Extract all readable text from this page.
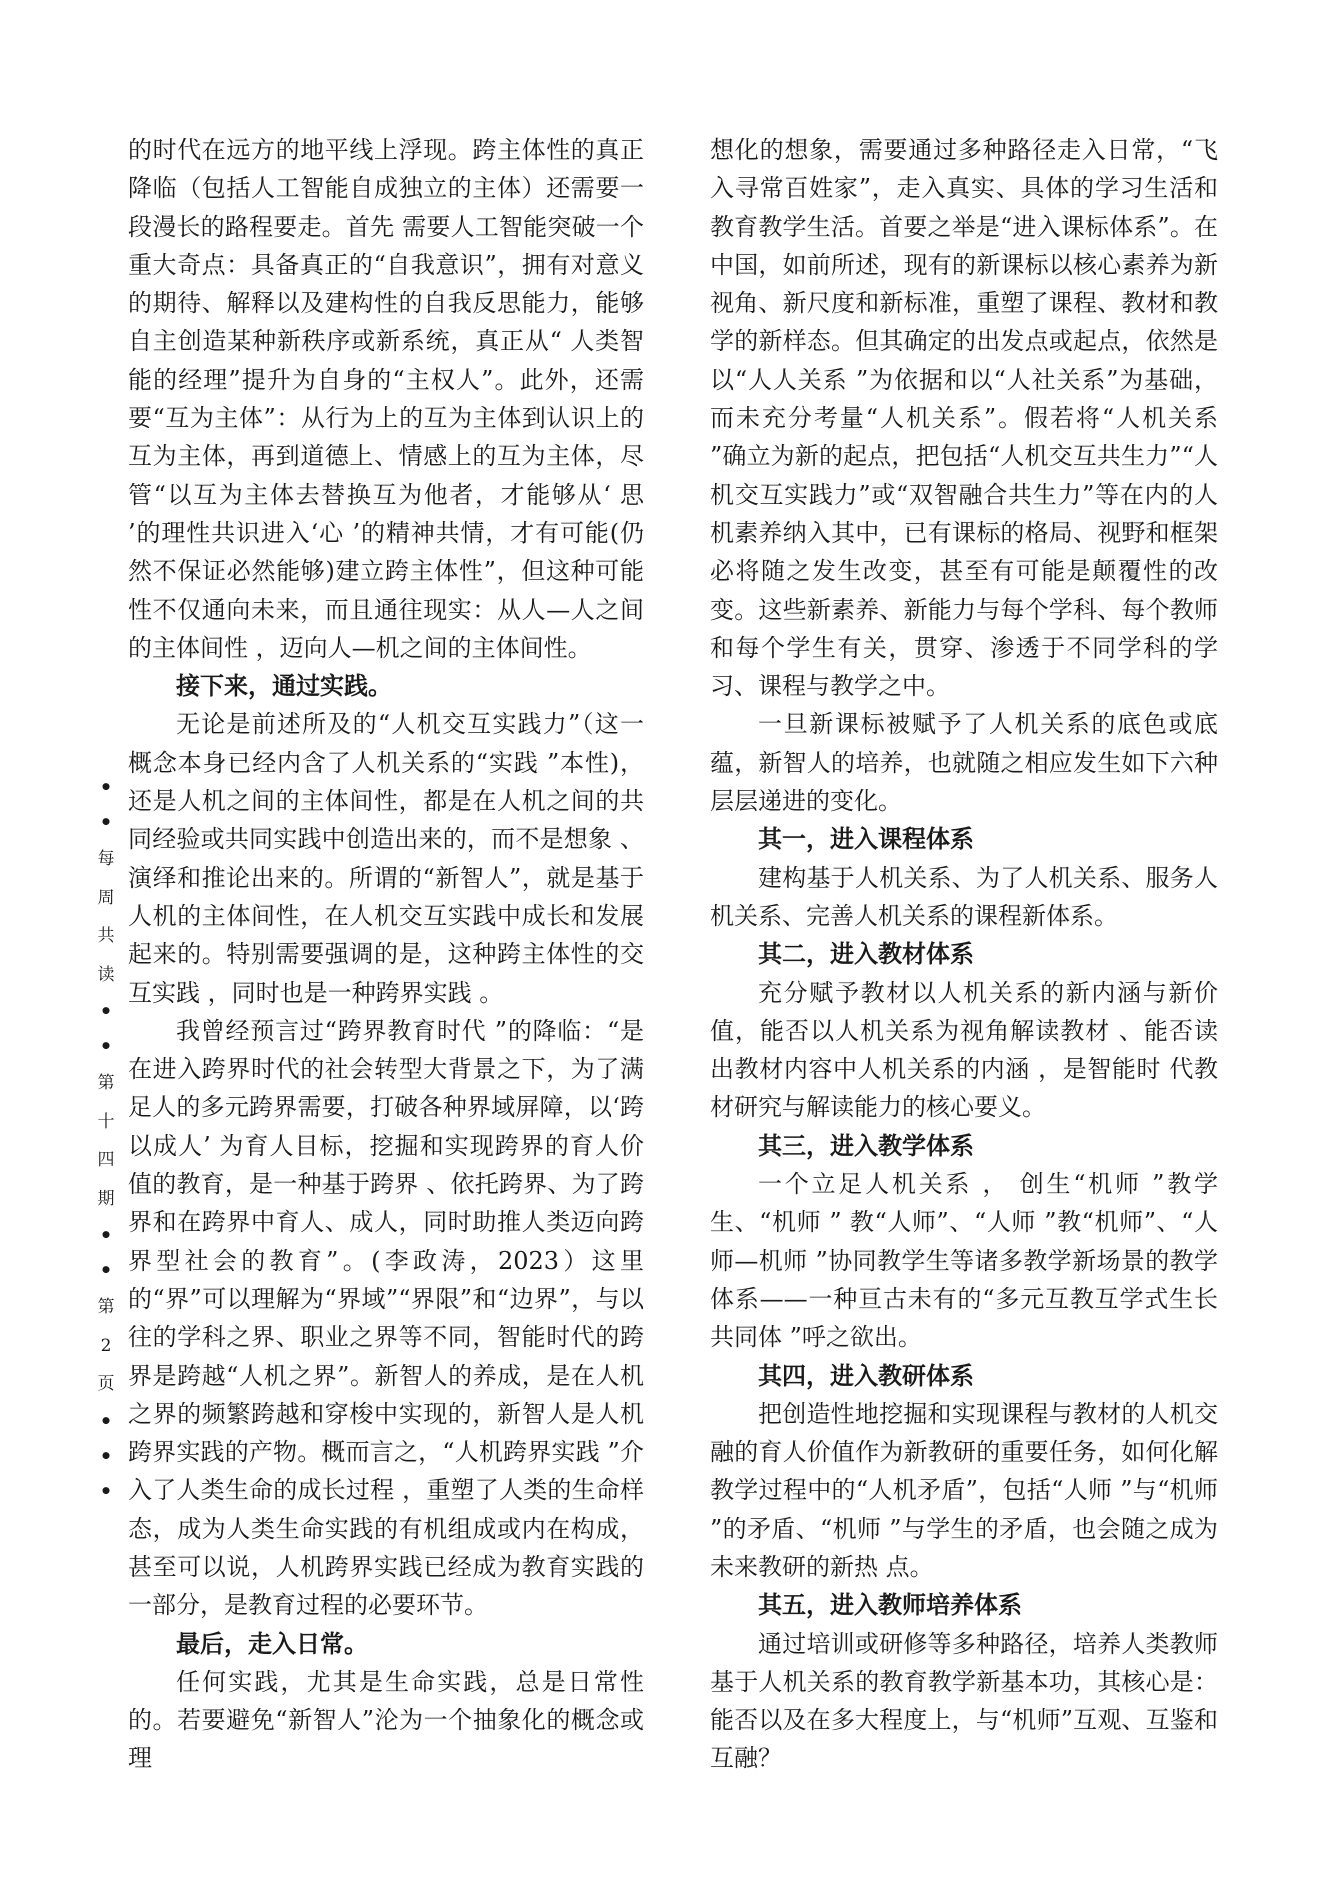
的时代在远方的地平线上浮现。跨主体性的真正降临（包括人工智能自成独立的主体）还需要一段漫长的路程要走。首先 需要人工智能突破一个重大奇点：具备真正的“自我意识”，拥有对意义的期待、解释以及建构性的自我反思能力，能够自主创造某种新秩序或新系统，真正从“ 人类智能的经理”提升为自身的“主权人”。此外，还需要“互为主体”：从行为上的互为主体到认识上的互为主体，再到道德上、情感上的互为主体，尽管“以互为主体去替换互为他者，才能够从‘ 思 ’的理性共识进入‘心 ’的精神共情，才有可能(仍然不保证必然能够)建立跨主体性”，但这种可能性不仅通向未来，而且通往现实：从人—人之间的主体间性 ，迈向人—机之间的主体间性。

接下来，通过实践。

无论是前述所及的“人机交互实践力”（这一概念本身已经内含了人机关系的“实践 ”本性)，还是人机之间的主体间性，都是在人机之间的共同经验或共同实践中创造出来的，而不是想象 、演绎和推论出来的。所谓的“新智人”，就是基于人机的主体间性，在人机交互实践中成长和发展起来的。特别需要强调的是，这种跨主体性的交互实践 ，同时也是一种跨界实践 。

我曾经预言过“跨界教育时代 ”的降临：“是在进入跨界时代的社会转型大背景之下，为了满足人的多元跨界需要，打破各种界域屏障，以‘跨以成人’ 为育人目标，挖掘和实现跨界的育人价值的教育，是一种基于跨界 、依托跨界、为了跨界和在跨界中育人、成人，同时助推人类迈向跨界型社会的教育”。(李政涛，2023）这里的“界”可以理解为“界域”“界限”和“边界”，与以往的学科之界、职业之界等不同，智能时代的跨界是跨越“人机之界”。新智人的养成，是在人机之界的频繁跨越和穿梭中实现的，新智人是人机跨界实践的产物。概而言之，“人机跨界实践 ”介入了人类生命的成长过程 ，重塑了人类的生命样态，成为人类生命实践的有机组成或内在构成，甚至可以说，人机跨界实践已经成为教育实践的一部分，是教育过程的必要环节。

最后，走入日常。

任何实践，尤其是生命实践，总是日常性的。若要避免“新智人”沦为一个抽象化的概念或理

想化的想象，需要通过多种路径走入日常，“飞入寻常百姓家”，走入真实、具体的学习生活和教育教学生活。首要之举是“进入课标体系”。在中国，如前所述，现有的新课标以核心素养为新视角、新尺度和新标准，重塑了课程、教材和教学的新样态。但其确定的出发点或起点，依然是以“人人关系 ”为依据和以“人社关系”为基础，而未充分考量“人机关系”。假若将“人机关系 ”确立为新的起点，把包括“人机交互共生力”“人机交互实践力”或“双智融合共生力”等在内的人机素养纳入其中，已有课标的格局、视野和框架必将随之发生改变，甚至有可能是颠覆性的改变。这些新素养、新能力与每个学科、每个教师和每个学生有关，贯穿、渗透于不同学科的学习、课程与教学之中。

一旦新课标被赋予了人机关系的底色或底蕴，新智人的培养，也就随之相应发生如下六种层层递进的变化。

其一，进入课程体系

建构基于人机关系、为了人机关系、服务人机关系、完善人机关系的课程新体系。

其二，进入教材体系

充分赋予教材以人机关系的新内涵与新价值，能否以人机关系为视角解读教材 、能否读出教材内容中人机关系的内涵 ，是智能时 代教材研究与解读能力的核心要义。

其三，进入教学体系

一个立足人机关系 ， 创生“机师 ”教学生、“机师 ” 教“人师”、“人师 ”教“机师”、“人师—机师 ”协同教学生等诸多教学新场景的教学体系——一种亘古未有的“多元互教互学式生长共同体 ”呼之欲出。

其四，进入教研体系

把创造性地挖掘和实现课程与教材的人机交融的育人价值作为新教研的重要任务，如何化解教学过程中的“人机矛盾”，包括“人师 ”与“机师 ”的矛盾、“机师 ”与学生的矛盾，也会随之成为未来教研的新热 点。

其五，进入教师培养体系

通过培训或研修等多种路径，培养人类教师基于人机关系的教育教学新基本功，其核心是：能否以及在多大程度上，与“机师”互观、互鉴和互融？

•
•
每
周
共
读
•
•
第
十
四
期
•
•
第
2
页
•
•
•
